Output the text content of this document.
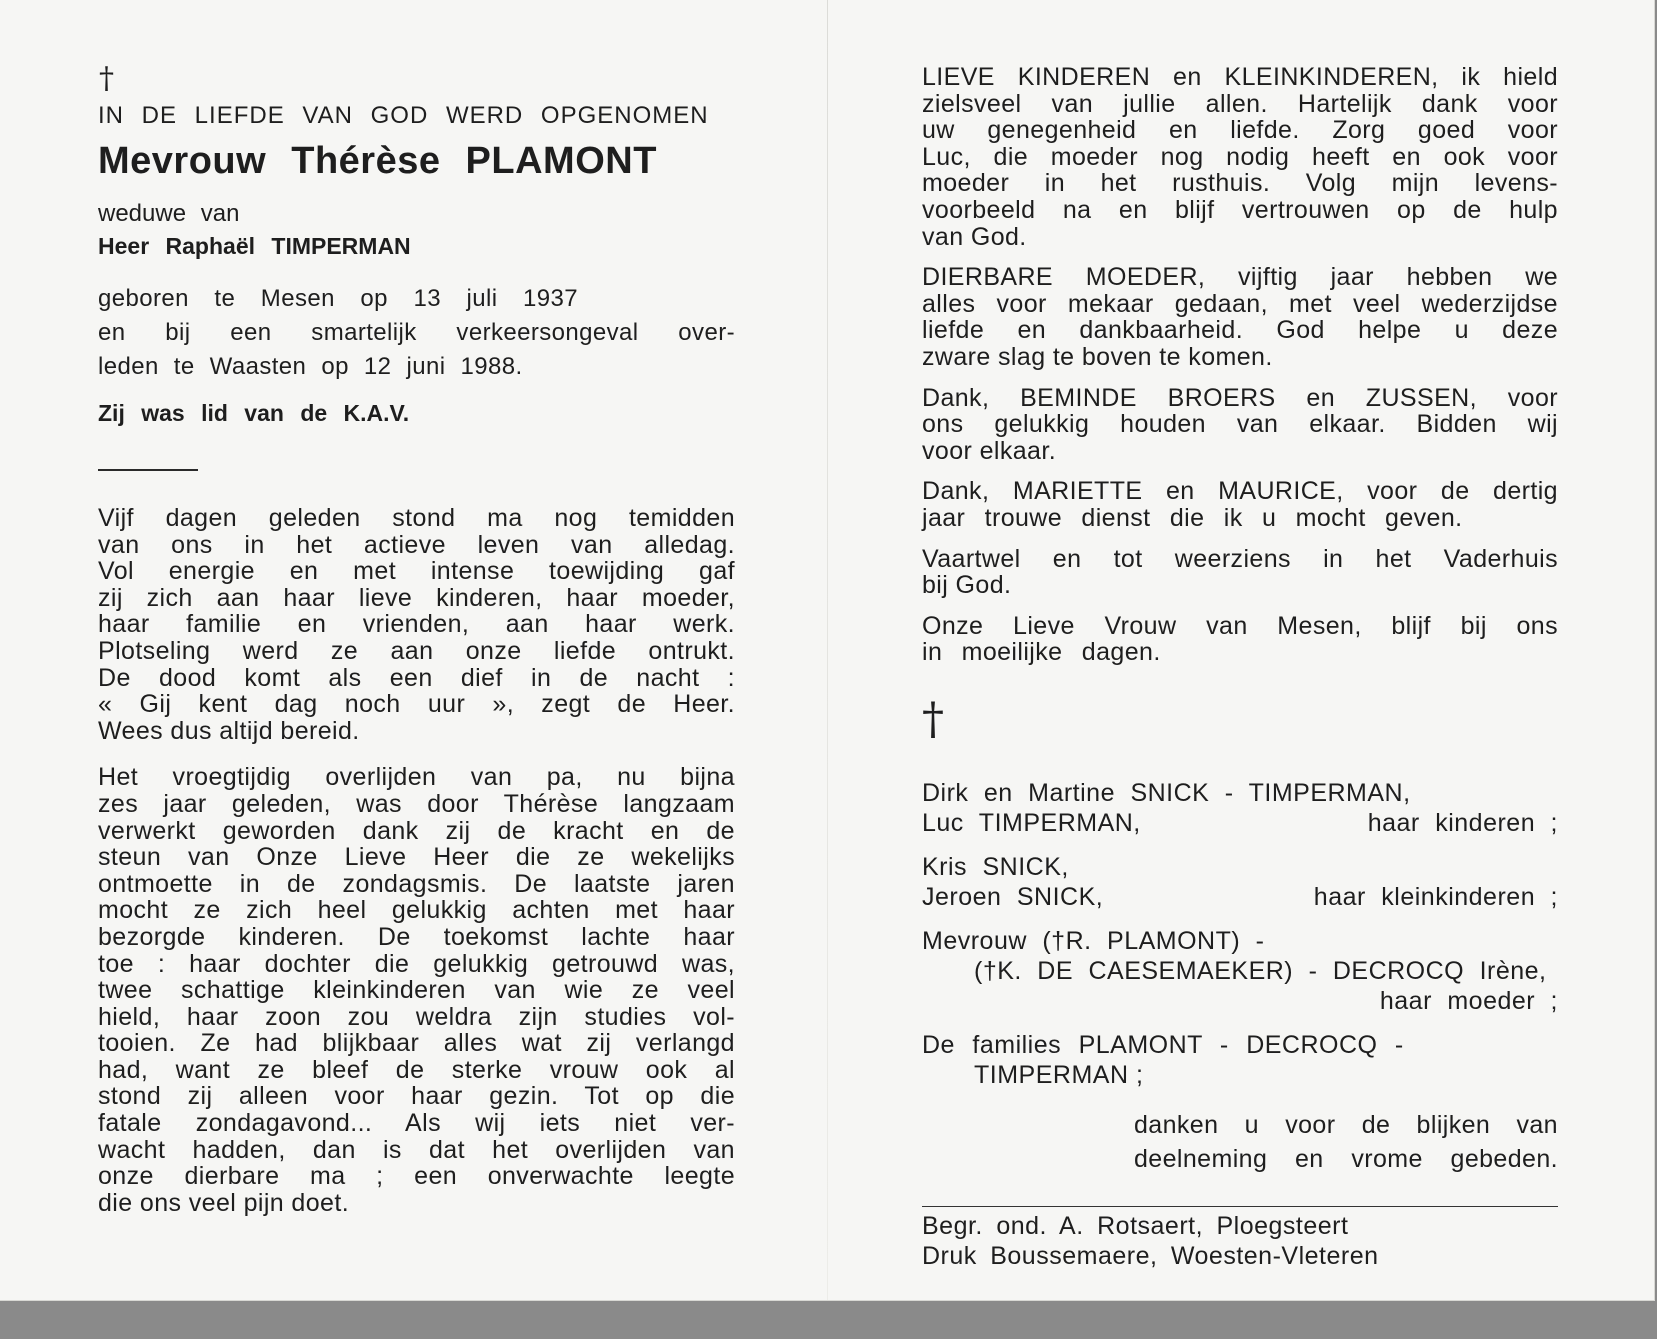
†
IN DE LIEFDE VAN GOD WERD OPGENOMEN
Mevrouw Thérèse PLAMONT
weduwe van
Heer Raphaël TIMPERMAN

geboren te Mesen op 13 juli 1937

en bij een smartelijk verkeersongeval over-

leden te Waasten op 12 juni 1988.

Zij was lid van de K.A.V.

Vijf dagen geleden stond ma nog temidden

van ons in het actieve leven van alledag.

Vol energie en met intense toewijding gaf

zij zich aan haar lieve kinderen, haar moeder,

haar familie en vrienden, aan haar werk.

Plotseling werd ze aan onze liefde ontrukt.

De dood komt als een dief in de nacht :

« Gij kent dag noch uur », zegt de Heer.

Wees dus altijd bereid.

Het vroegtijdig overlijden van pa, nu bijna

zes jaar geleden, was door Thérèse langzaam

verwerkt geworden dank zij de kracht en de

steun van Onze Lieve Heer die ze wekelijks

ontmoette in de zondagsmis. De laatste jaren

mocht ze zich heel gelukkig achten met haar

bezorgde kinderen. De toekomst lachte haar

toe : haar dochter die gelukkig getrouwd was,

twee schattige kleinkinderen van wie ze veel

hield, haar zoon zou weldra zijn studies vol-

tooien. Ze had blijkbaar alles wat zij verlangd

had, want ze bleef de sterke vrouw ook al

stond zij alleen voor haar gezin. Tot op die

fatale zondagavond... Als wij iets niet ver-

wacht hadden, dan is dat het overlijden van

onze dierbare ma ; een onverwachte leegte

die ons veel pijn doet.

LIEVE KINDEREN en KLEINKINDEREN, ik hield

zielsveel van jullie allen. Hartelijk dank voor

uw genegenheid en liefde. Zorg goed voor

Luc, die moeder nog nodig heeft en ook voor

moeder in het rusthuis. Volg mijn levens-

voorbeeld na en blijf vertrouwen op de hulp

van God.

DIERBARE MOEDER, vijftig jaar hebben we

alles voor mekaar gedaan, met veel wederzijdse

liefde en dankbaarheid. God helpe u deze

zware slag te boven te komen.

Dank, BEMINDE BROERS en ZUSSEN, voor

ons gelukkig houden van elkaar. Bidden wij

voor elkaar.

Dank, MARIETTE en MAURICE, voor de dertig

jaar trouwe dienst die ik u mocht geven.

Vaartwel en tot weerziens in het Vaderhuis

bij God.

Onze Lieve Vrouw van Mesen, blijf bij ons

in moeilijke dagen.

†
Dirk en Martine SNICK - TIMPERMAN,
Luc TIMPERMAN,	haar kinderen ;
Kris SNICK,
Jeroen SNICK,	haar kleinkinderen ;
Mevrouw (†R. PLAMONT) -
(†K. DE CAESEMAEKER) - DECROCQ Irène,
haar moeder ;
De families PLAMONT - DECROCQ -
TIMPERMAN ;

danken u voor de blijken van

deelneming en vrome gebeden.

Begr. ond. A. Rotsaert, Ploegsteert
Druk Boussemaere, Woesten-Vleteren
